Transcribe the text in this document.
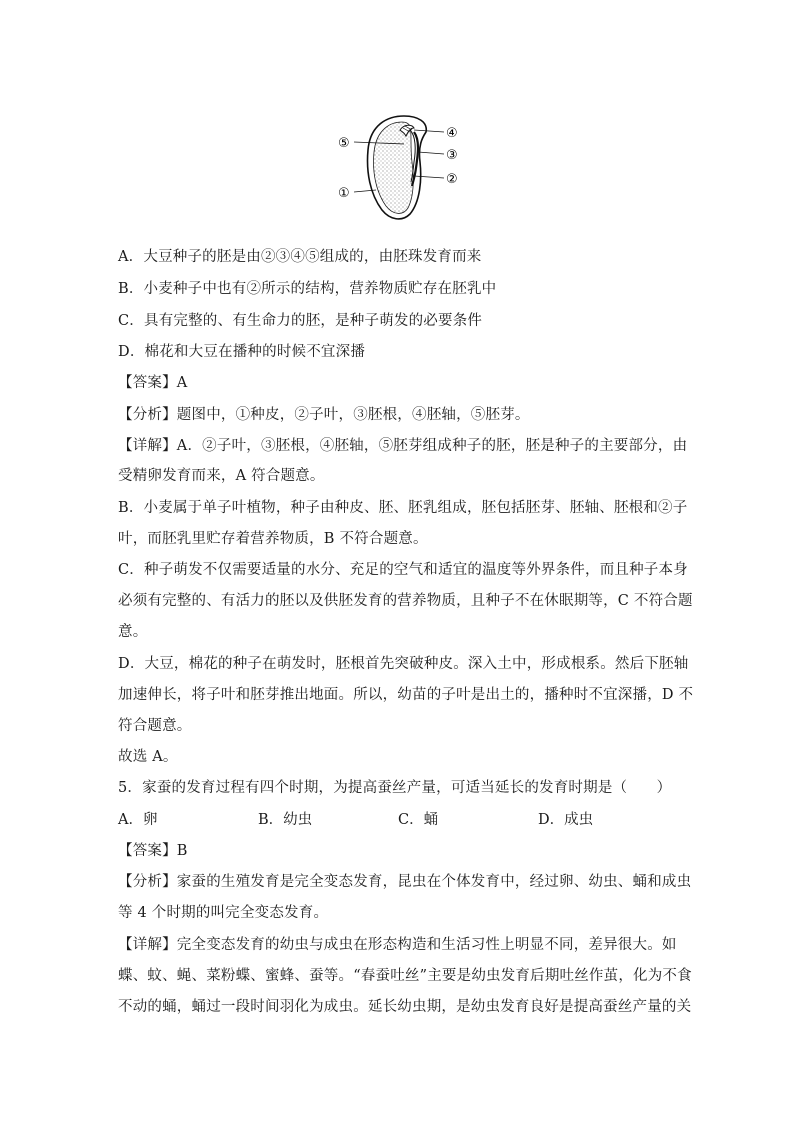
⑤
④
③
②
①
A．大豆种子的胚是由②③④⑤组成的，由胚珠发育而来
B．小麦种子中也有②所示的结构，营养物质贮存在胚乳中
C．具有完整的、有生命力的胚，是种子萌发的必要条件
D．棉花和大豆在播种的时候不宜深播
【答案】A
【分析】题图中，①种皮，②子叶，③胚根，④胚轴，⑤胚芽。
【详解】A．②子叶，③胚根，④胚轴，⑤胚芽组成种子的胚，胚是种子的主要部分，由
受精卵发育而来，A 符合题意。
B．小麦属于单子叶植物，种子由种皮、胚、胚乳组成，胚包括胚芽、胚轴、胚根和②子
叶，而胚乳里贮存着营养物质，B 不符合题意。
C．种子萌发不仅需要适量的水分、充足的空气和适宜的温度等外界条件，而且种子本身
必须有完整的、有活力的胚以及供胚发育的营养物质，且种子不在休眠期等，C 不符合题
意。
D．大豆，棉花的种子在萌发时，胚根首先突破种皮。深入土中，形成根系。然后下胚轴
加速伸长，将子叶和胚芽推出地面。所以，幼苗的子叶是出土的，播种时不宜深播，D 不
符合题意。
故选 A。
5．家蚕的发育过程有四个时期，为提高蚕丝产量，可适当延长的发育时期是（　　）
A．卵	B．幼虫	C．蛹	D．成虫
【答案】B
【分析】家蚕的生殖发育是完全变态发育，昆虫在个体发育中，经过卵、幼虫、蛹和成虫
等 4 个时期的叫完全变态发育。
【详解】完全变态发育的幼虫与成虫在形态构造和生活习性上明显不同，差异很大。如
蝶、蚊、蝇、菜粉蝶、蜜蜂、蚕等。“春蚕吐丝”主要是幼虫发育后期吐丝作茧，化为不食
不动的蛹，蛹过一段时间羽化为成虫。延长幼虫期，是幼虫发育良好是提高蚕丝产量的关
